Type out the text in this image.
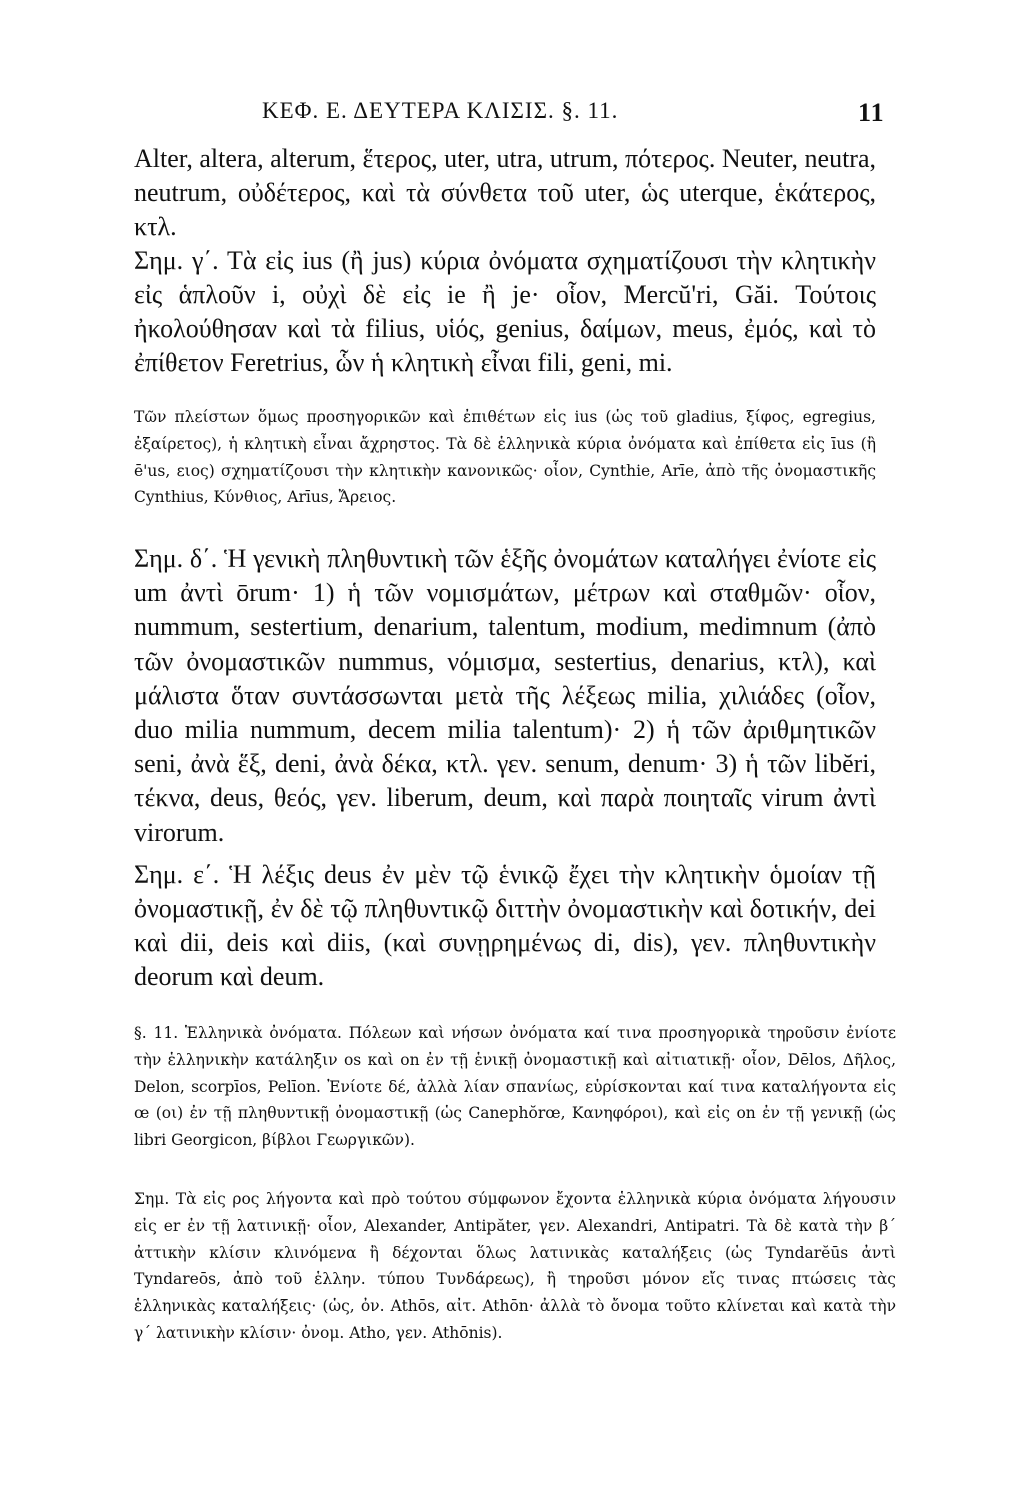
ΚΕΦ. Ε. ΔΕΥΤΕΡΑ ΚΛΙΣΙΣ. §. 11.	11

Alter, altera, alterum, ἕτερος, uter, utra, utrum, πότερος. Neuter, neutra, neutrum, οὐδέτερος, καὶ τὰ σύνθετα τοῦ uter, ὡς uterque, ἑκάτερος, κτλ.

Σημ. γ΄. Τὰ εἰς ius (ἢ jus) κύρια ὀνόματα σχηματίζουσι τὴν κλητικὴν εἰς ἁπλοῦν i, οὐχὶ δὲ εἰς ie ἢ je· οἷον, Mercŭ'ri, Găi. Τούτοις ἠκολούθησαν καὶ τὰ filius, υἱός, genius, δαίμων, meus, ἐμός, καὶ τὸ ἐπίθετον Feretrius, ὧν ἡ κλητικὴ εἶναι fili, geni, mi.

Τῶν πλείστων ὅμως προσηγορικῶν καὶ ἐπιθέτων εἰς ius (ὡς τοῦ gladius, ξίφος, egregius, ἐξαίρετος), ἡ κλητικὴ εἶναι ἄχρηστος. Τὰ δὲ ἑλληνικὰ κύρια ὀνόματα καὶ ἐπίθετα εἰς īus (ἢ ē'us, ειος) σχηματίζουσι τὴν κλητικὴν κανονικῶς· οἷον, Cynthie, Arīe, ἀπὸ τῆς ὀνομαστικῆς Cynthius, Κύνθιος, Arīus, Ἄρειος.

Σημ. δ΄. Ἡ γενικὴ πληθυντικὴ τῶν ἑξῆς ὀνομάτων καταλήγει ἐνίοτε εἰς um ἀντὶ ōrum· 1) ἡ τῶν νομισμάτων, μέτρων καὶ σταθμῶν· οἷον, nummum, sestertium, denarium, talentum, modium, medimnum (ἀπὸ τῶν ὀνομαστικῶν nummus, νόμισμα, sestertius, denarius, κτλ), καὶ μάλιστα ὅταν συντάσσωνται μετὰ τῆς λέξεως milia, χιλιάδες (οἷον, duo milia nummum, decem milia talentum)· 2) ἡ τῶν ἀριθμητικῶν seni, ἀνὰ ἕξ, deni, ἀνὰ δέκα, κτλ. γεν. senum, denum· 3) ἡ τῶν libĕri, τέκνα, deus, θεός, γεν. liberum, deum, καὶ παρὰ ποιηταῖς virum ἀντὶ virorum.

Σημ. ε΄. Ἡ λέξις deus ἐν μὲν τῷ ἑνικῷ ἔχει τὴν κλητικὴν ὁμοίαν τῇ ὀνομαστικῇ, ἐν δὲ τῷ πληθυντικῷ διττὴν ὀνομαστικὴν καὶ δοτικήν, dei καὶ dii, deis καὶ diis, (καὶ συνῃρημένως di, dis), γεν. πληθυντικὴν deorum καὶ deum.

§. 11. Ἑλληνικὰ ὀνόματα. Πόλεων καὶ νήσων ὀνόματα καί τινα προσηγορικὰ τηροῦσιν ἐνίοτε τὴν ἑλληνικὴν κατάληξιν os καὶ on ἐν τῇ ἑνικῇ ὀνομαστικῇ καὶ αἰτιατικῇ· οἷον, Dēlos, Δῆλος, Delon, scorpīos, Pelīon. Ἐνίοτε δέ, ἀλλὰ λίαν σπανίως, εὑρίσκονται καί τινα καταλήγοντα εἰς œ (οι) ἐν τῇ πληθυντικῇ ὀνομαστικῇ (ὡς Canephŏrœ, Κανηφόροι), καὶ εἰς on ἐν τῇ γενικῇ (ὡς libri Georgicon, βίβλοι Γεωργικῶν).

Σημ. Τὰ εἰς ρος λήγοντα καὶ πρὸ τούτου σύμφωνον ἔχοντα ἑλληνικὰ κύρια ὀνόματα λήγουσιν εἰς er ἐν τῇ λατινικῇ· οἷον, Alexander, Antipăter, γεν. Alexandri, Antipatri. Τὰ δὲ κατὰ τὴν β΄ ἀττικὴν κλίσιν κλινόμενα ἢ δέχονται ὅλως λατινικὰς καταλήξεις (ὡς Tyndarĕūs ἀντὶ Tyndareōs, ἀπὸ τοῦ ἑλλην. τύπου Τυνδάρεως), ἢ τηροῦσι μόνον εἴς τινας πτώσεις τὰς ἑλληνικὰς καταλήξεις· (ὡς, ὀν. Athōs, αἰτ. Athōn· ἀλλὰ τὸ ὄνομα τοῦτο κλίνεται καὶ κατὰ τὴν γ΄ λατινικὴν κλίσιν· ὀνομ. Atho, γεν. Athōnis).
